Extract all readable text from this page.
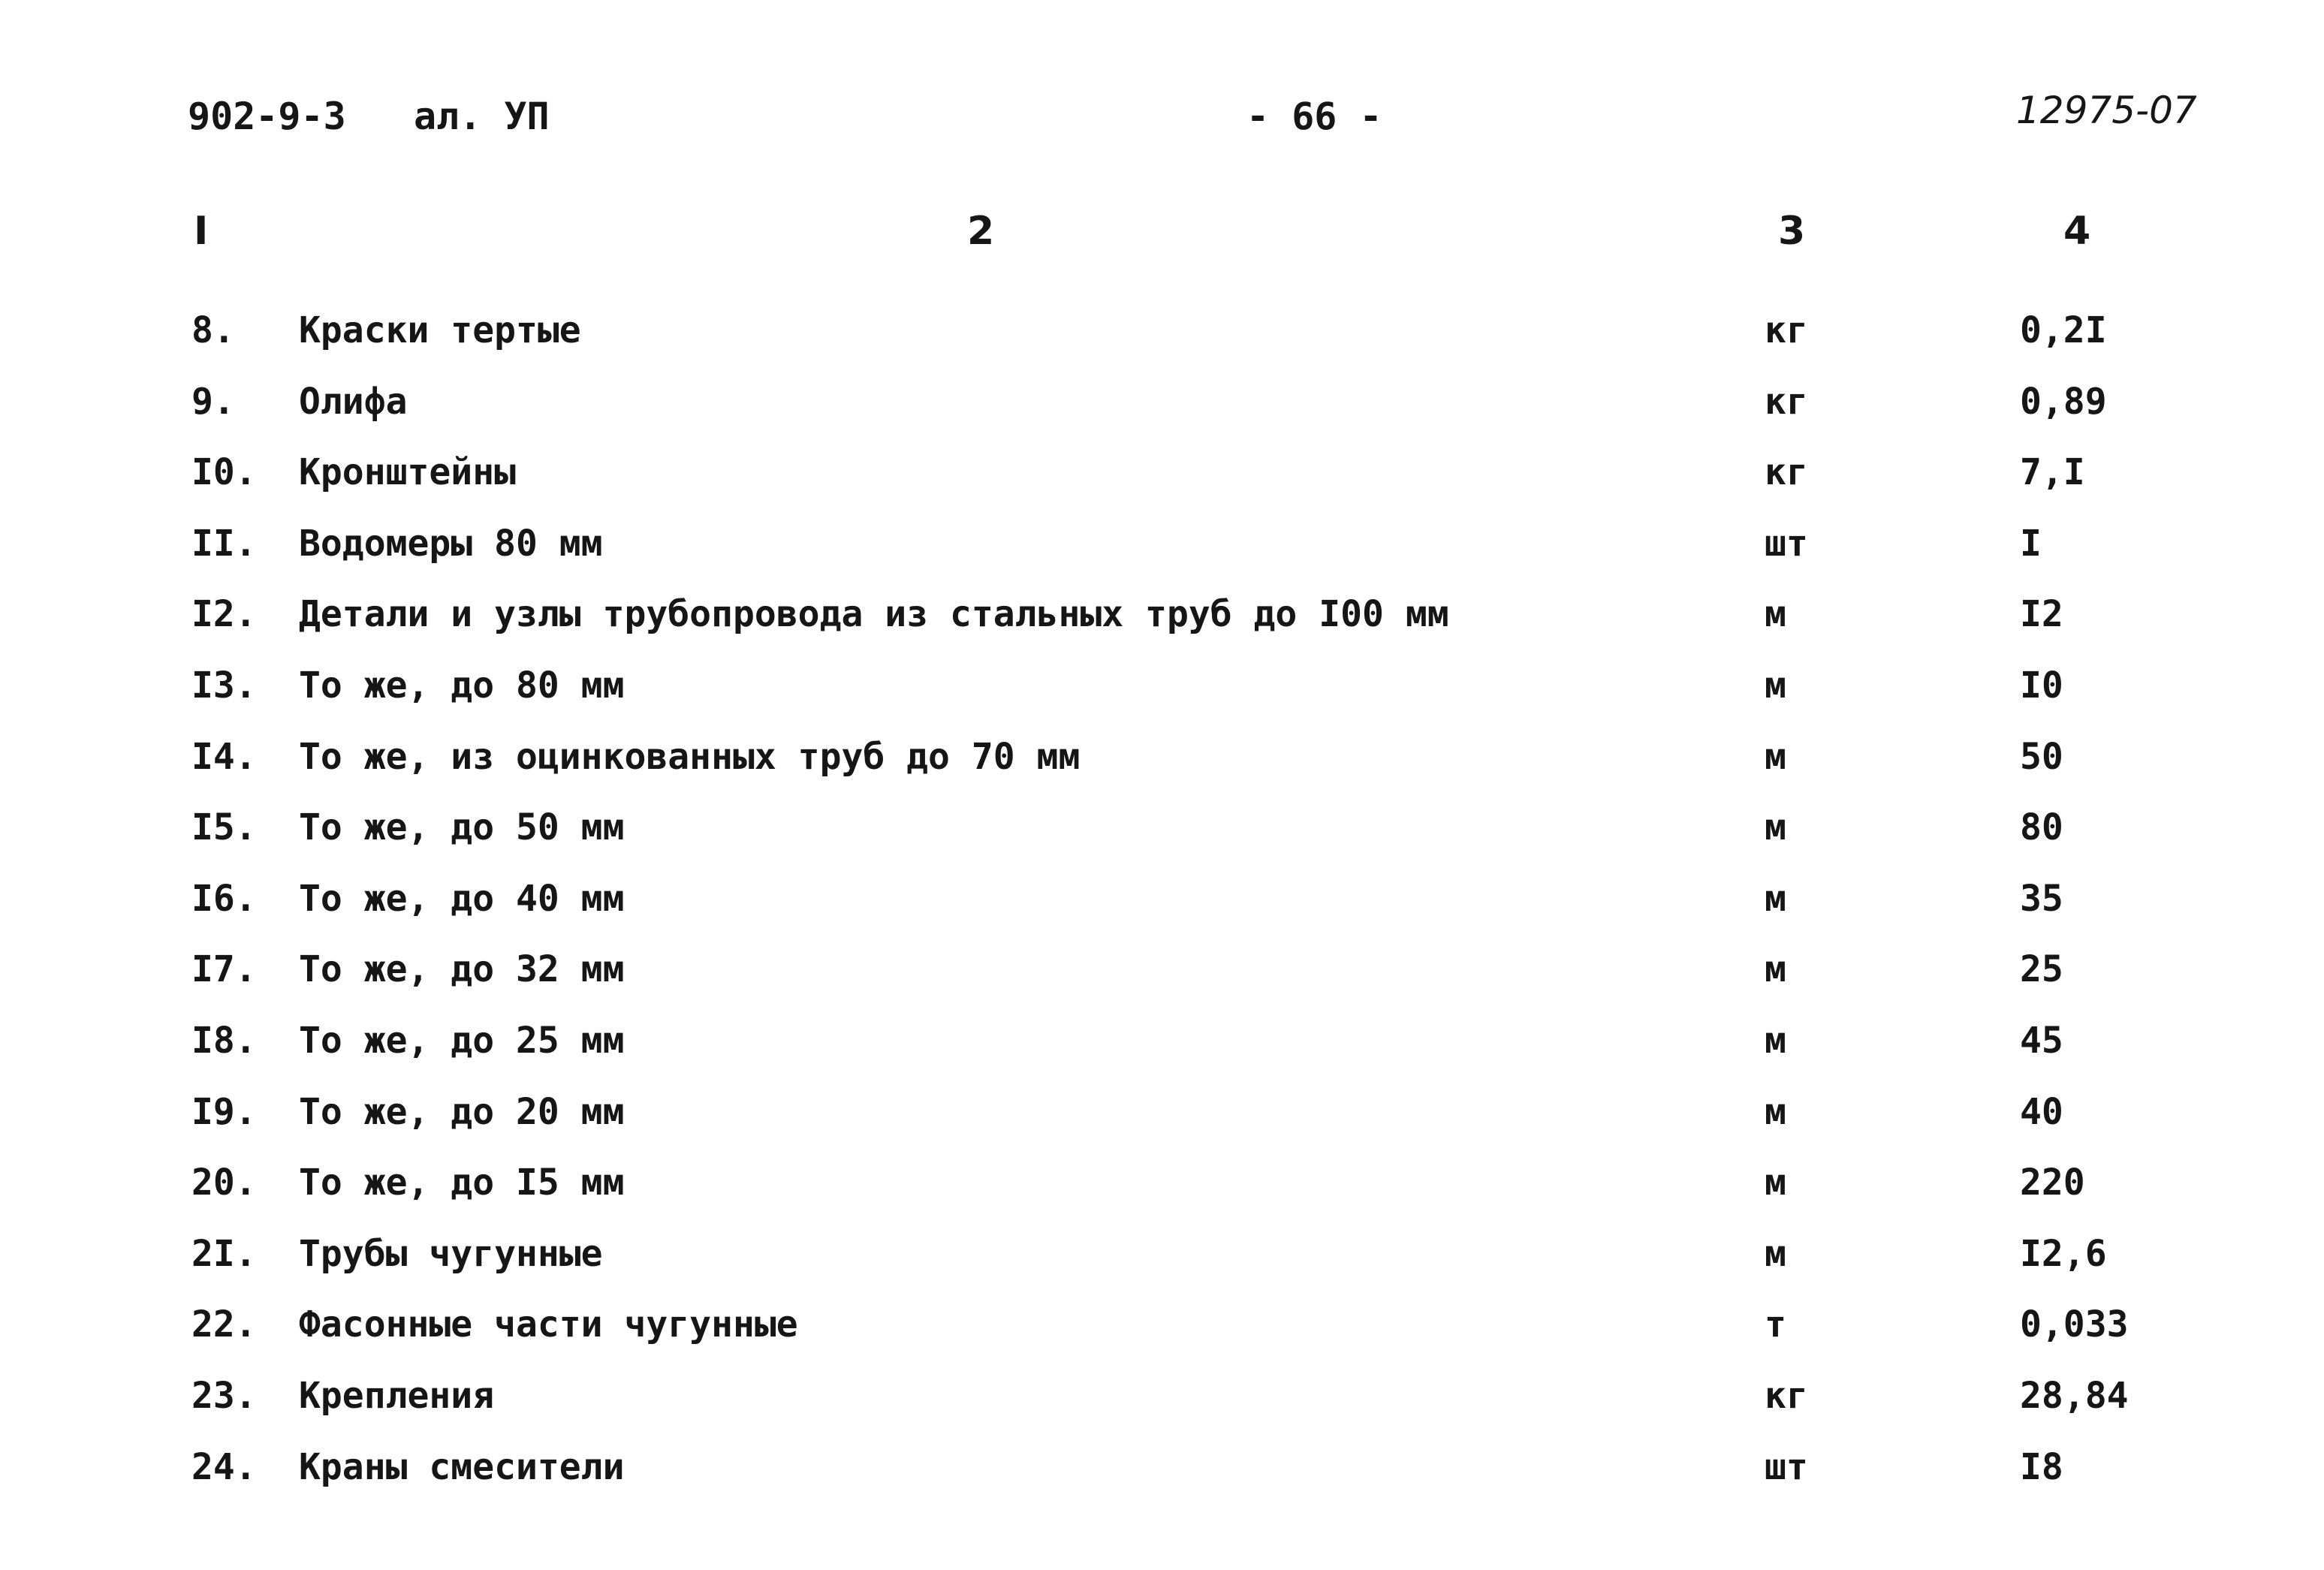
902-9-3   ал. УП	- 66 -	12975-07
I	2	3	4
8. Краски тертые	кг	0,2I
9. Олифа	кг	0,89
I0. Кронштейны	кг	7,I
II. Водомеры 80 мм	шт	I
I2. Детали и узлы трубопровода из стальных труб до I00 мм	м	I2
I3. То же, до 80 мм	м	I0
I4. То же, из оцинкованных труб до 70 мм	м	50
I5. То же, до 50 мм	м	80
I6. То же, до 40 мм	м	35
I7. То же, до 32 мм	м	25
I8. То же, до 25 мм	м	45
I9. То же, до 20 мм	м	40
20. То же, до I5 мм	м	220
2I. Трубы чугунные	м	I2,6
22. Фасонные части чугунные	т	0,033
23. Крепления	кг	28,84
24. Краны смесители	шт	I8
